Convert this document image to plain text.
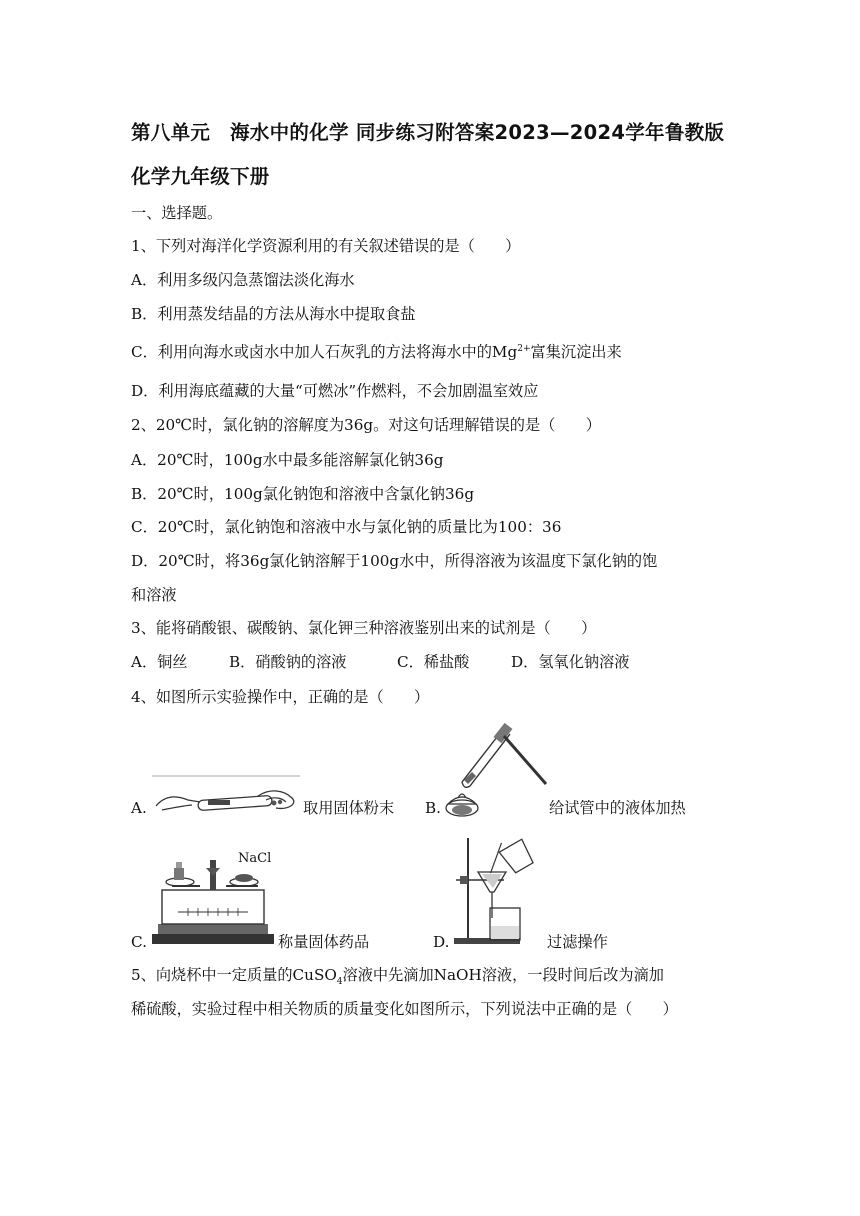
第八单元　海水中的化学 同步练习附答案2023—2024学年鲁教版
化学九年级下册
一、选择题。
1、下列对海洋化学资源利用的有关叙述错误的是（　　）
A．利用多级闪急蒸馏法淡化海水
B．利用蒸发结晶的方法从海水中提取食盐
C．利用向海水或卤水中加人石灰乳的方法将海水中的$Mg^{2+}$富集沉淀出来
D．利用海底蕴藏的大量“可燃冰”作燃料，不会加剧温室效应
2、20℃时，氯化钠的溶解度为36g。对这句话理解错误的是（　　）
A．20℃时，100g水中最多能溶解氯化钠36g
B．20℃时，100g氯化钠饱和溶液中含氯化钠36g
C．20℃时，氯化钠饱和溶液中水与氯化钠的质量比为100：36
D．20℃时，将36g氯化钠溶解于100g水中，所得溶液为该温度下氯化钠的饱
和溶液
3、能将硝酸银、碳酸钠、氯化钾三种溶液鉴别出来的试剂是（　　）
A．铜丝	B．硝酸钠的溶液	C．稀盐酸	D．氢氧化钠溶液
4、如图所示实验操作中，正确的是（　　）
A.	取用固体粉末 B.	给试管中的液体加热
C.
NaCl
称量固体药品	D.	过滤操作
5、向烧杯中一定质量的CuSO$_4$溶液中先滴加NaOH溶液，一段时间后改为滴加
稀硫酸，实验过程中相关物质的质量变化如图所示，下列说法中正确的是（　　）
